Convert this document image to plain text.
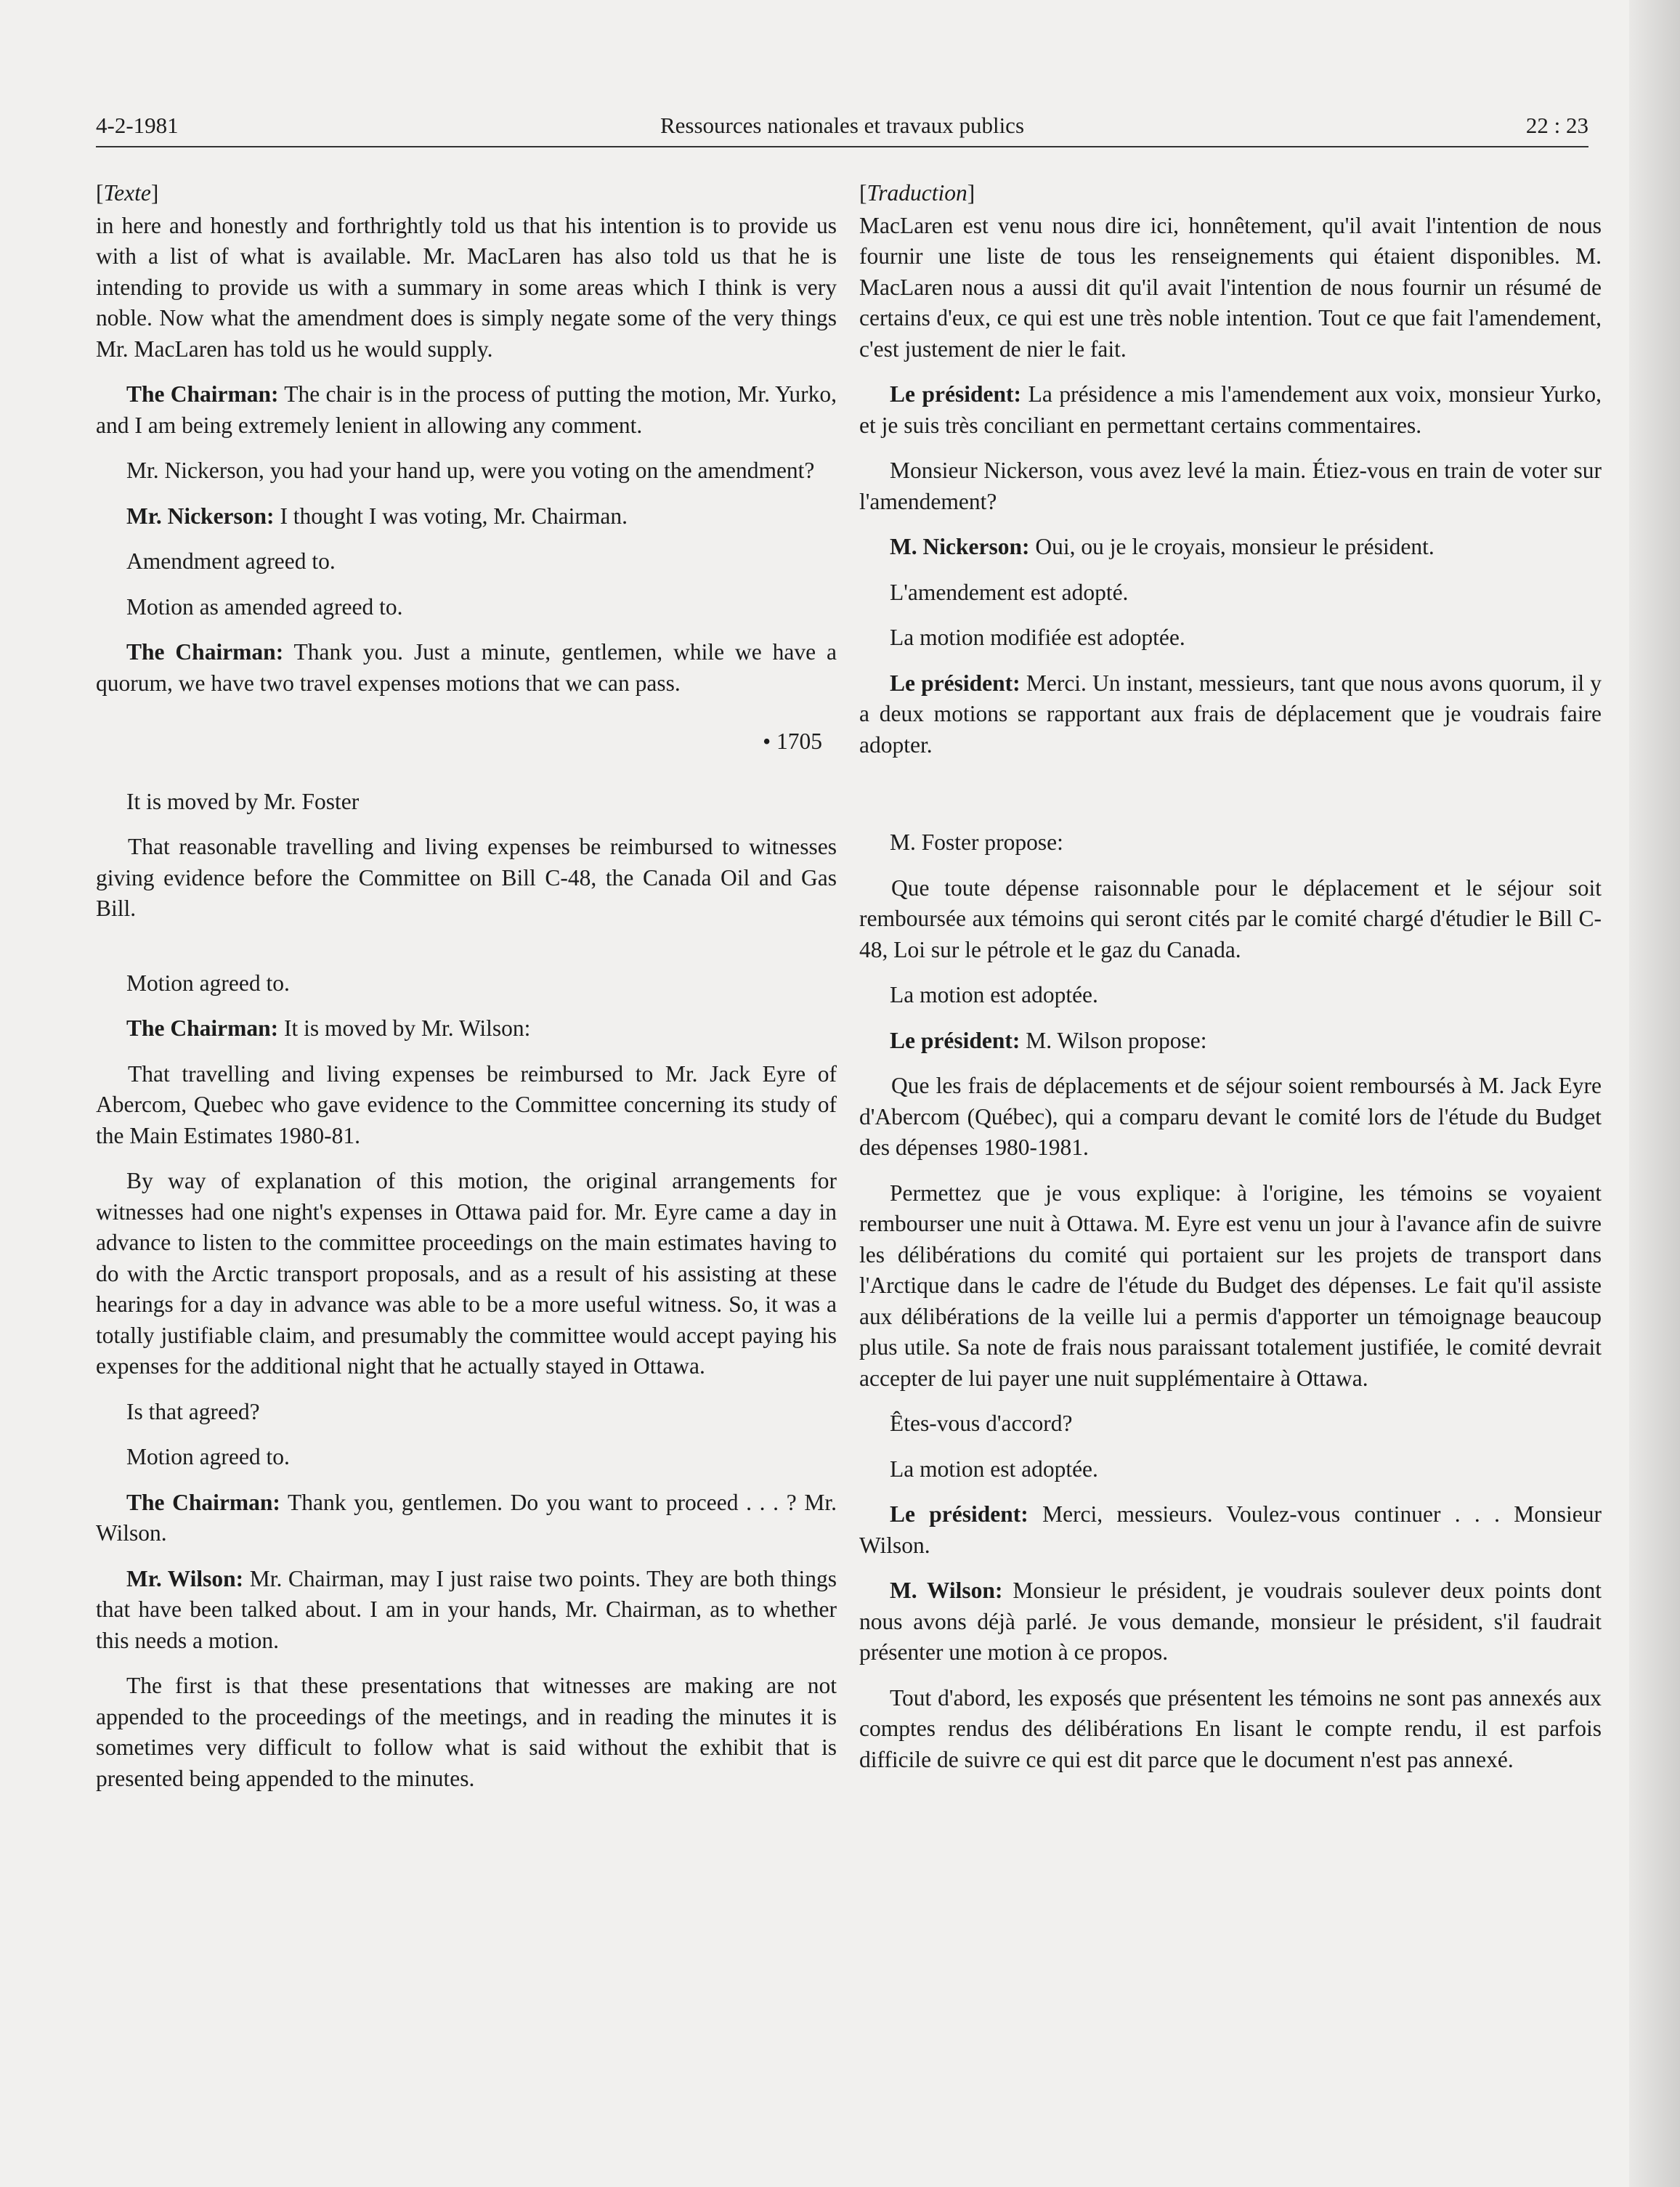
4-2-1981	Ressources nationales et travaux publics	22 : 23

[Texte]

in here and honestly and forthrightly told us that his intention is to provide us with a list of what is available. Mr. MacLaren has also told us that he is intending to provide us with a summary in some areas which I think is very noble. Now what the amendment does is simply negate some of the very things Mr. MacLaren has told us he would supply.

The Chairman: The chair is in the process of putting the motion, Mr. Yurko, and I am being extremely lenient in allowing any comment.

Mr. Nickerson, you had your hand up, were you voting on the amendment?

Mr. Nickerson: I thought I was voting, Mr. Chairman.

Amendment agreed to.

Motion as amended agreed to.

The Chairman: Thank you. Just a minute, gentlemen, while we have a quorum, we have two travel expenses motions that we can pass.

• 1705

It is moved by Mr. Foster

That reasonable travelling and living expenses be reimbursed to witnesses giving evidence before the Committee on Bill C-48, the Canada Oil and Gas Bill.

Motion agreed to.

The Chairman: It is moved by Mr. Wilson:

That travelling and living expenses be reimbursed to Mr. Jack Eyre of Abercom, Quebec who gave evidence to the Committee concerning its study of the Main Estimates 1980-81.

By way of explanation of this motion, the original arrangements for witnesses had one night's expenses in Ottawa paid for. Mr. Eyre came a day in advance to listen to the committee proceedings on the main estimates having to do with the Arctic transport proposals, and as a result of his assisting at these hearings for a day in advance was able to be a more useful witness. So, it was a totally justifiable claim, and presumably the committee would accept paying his expenses for the additional night that he actually stayed in Ottawa.

Is that agreed?

Motion agreed to.

The Chairman: Thank you, gentlemen. Do you want to proceed . . . ? Mr. Wilson.

Mr. Wilson: Mr. Chairman, may I just raise two points. They are both things that have been talked about. I am in your hands, Mr. Chairman, as to whether this needs a motion.

The first is that these presentations that witnesses are making are not appended to the proceedings of the meetings, and in reading the minutes it is sometimes very difficult to follow what is said without the exhibit that is presented being appended to the minutes.

[Traduction]

MacLaren est venu nous dire ici, honnêtement, qu'il avait l'intention de nous fournir une liste de tous les renseignements qui étaient disponibles. M. MacLaren nous a aussi dit qu'il avait l'intention de nous fournir un résumé de certains d'eux, ce qui est une très noble intention. Tout ce que fait l'amendement, c'est justement de nier le fait.

Le président: La présidence a mis l'amendement aux voix, monsieur Yurko, et je suis très conciliant en permettant certains commentaires.

Monsieur Nickerson, vous avez levé la main. Étiez-vous en train de voter sur l'amendement?

M. Nickerson: Oui, ou je le croyais, monsieur le président.

L'amendement est adopté.

La motion modifiée est adoptée.

Le président: Merci. Un instant, messieurs, tant que nous avons quorum, il y a deux motions se rapportant aux frais de déplacement que je voudrais faire adopter.

M. Foster propose:

Que toute dépense raisonnable pour le déplacement et le séjour soit remboursée aux témoins qui seront cités par le comité chargé d'étudier le Bill C-48, Loi sur le pétrole et le gaz du Canada.

La motion est adoptée.

Le président: M. Wilson propose:

Que les frais de déplacements et de séjour soient remboursés à M. Jack Eyre d'Abercom (Québec), qui a comparu devant le comité lors de l'étude du Budget des dépenses 1980-1981.

Permettez que je vous explique: à l'origine, les témoins se voyaient rembourser une nuit à Ottawa. M. Eyre est venu un jour à l'avance afin de suivre les délibérations du comité qui portaient sur les projets de transport dans l'Arctique dans le cadre de l'étude du Budget des dépenses. Le fait qu'il assiste aux délibérations de la veille lui a permis d'apporter un témoignage beaucoup plus utile. Sa note de frais nous paraissant totalement justifiée, le comité devrait accepter de lui payer une nuit supplémentaire à Ottawa.

Êtes-vous d'accord?

La motion est adoptée.

Le président: Merci, messieurs. Voulez-vous continuer . . . Monsieur Wilson.

M. Wilson: Monsieur le président, je voudrais soulever deux points dont nous avons déjà parlé. Je vous demande, monsieur le président, s'il faudrait présenter une motion à ce propos.

Tout d'abord, les exposés que présentent les témoins ne sont pas annexés aux comptes rendus des délibérations En lisant le compte rendu, il est parfois difficile de suivre ce qui est dit parce que le document n'est pas annexé.
